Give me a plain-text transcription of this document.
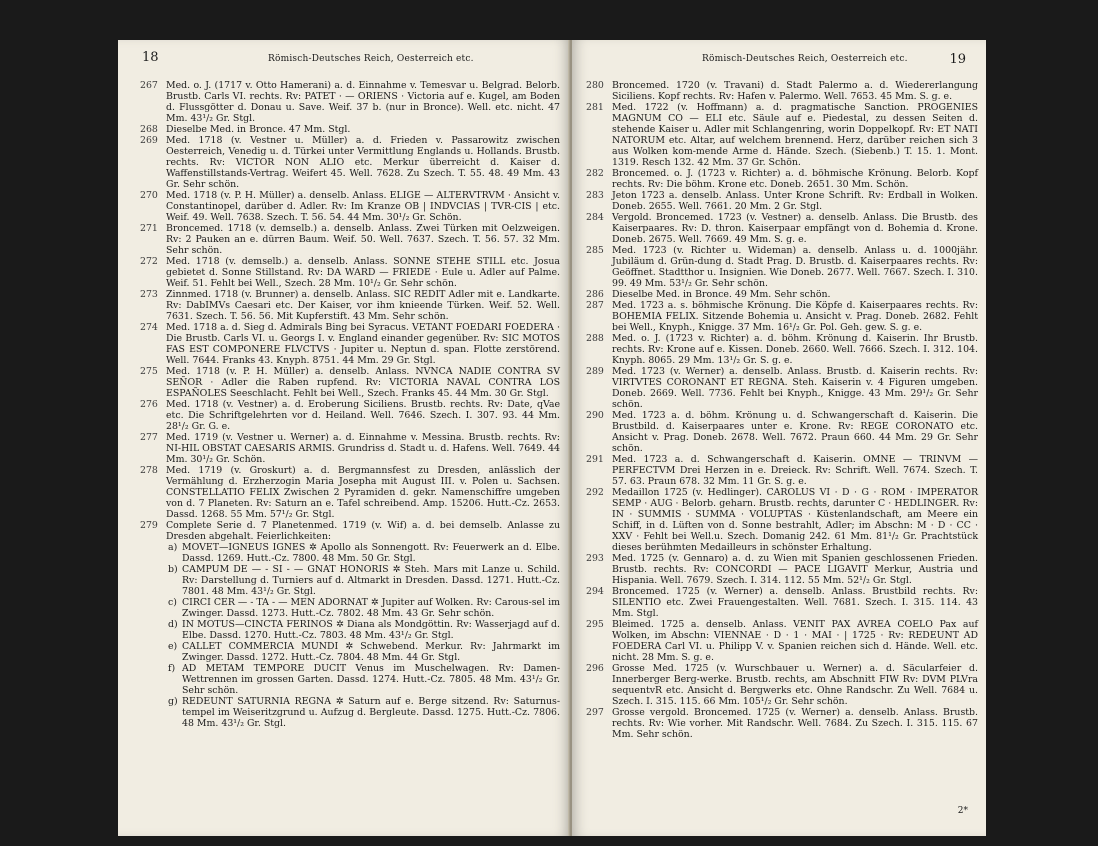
18	Römisch-Deutsches Reich, Oesterreich etc.
267 Med. o. J. (1717 v. Otto Hamerani) a. d. Einnahme v. Temesvar u. Belgrad. Belorb. Brustb. Carls VI. rechts. Rv: PATET · — ORIENS · Victoria auf e. Kugel, am Boden d. Flussgötter d. Donau u. Save. Weif. 37 b. (nur in Bronce). Well. etc. nicht. 47 Mm. 43¹/₂ Gr. Stgl.
268 Dieselbe Med. in Bronce. 47 Mm. Stgl.
269 Med. 1718 (v. Vestner u. Müller) a. d. Frieden v. Passarowitz zwischen Oesterreich, Venedig u. d. Türkei unter Vermittlung Englands u. Hollands. Brustb. rechts. Rv: VICTOR NON ALIO etc. Merkur überreicht d. Kaiser d. Waffenstillstands-Vertrag. Weifert 45. Well. 7628. Zu Szech. T. 55. 48. 49 Mm. 43 Gr. Sehr schön.
270 Med. 1718 (v. P. H. Müller) a. denselb. Anlass. ELIGE — ALTERVTRVM · Ansicht v. Constantinopel, darüber d. Adler. Rv: Im Kranze OB | INDVCIAS | TVR-CIS | etc. Weif. 49. Well. 7638. Szech. T. 56. 54. 44 Mm. 30¹/₂ Gr. Schön.
271 Broncemed. 1718 (v. demselb.) a. denselb. Anlass. Zwei Türken mit Oelzweigen. Rv: 2 Pauken an e. dürren Baum. Weif. 50. Well. 7637. Szech. T. 56. 57. 32 Mm. Sehr schön.
272 Med. 1718 (v. demselb.) a. denselb. Anlass. SONNE STEHE STILL etc. Josua gebietet d. Sonne Stillstand. Rv: DA WARD — FRIEDE · Eule u. Adler auf Palme. Weif. 51. Fehlt bei Well., Szech. 28 Mm. 10¹/₂ Gr. Sehr schön.
273 Zinnmed. 1718 (v. Brunner) a. denselb. Anlass. SIC REDIT Adler mit e. Landkarte. Rv: DabIMVs Caesari etc. Der Kaiser, vor ihm knieende Türken. Weif. 52. Well. 7631. Szech. T. 56. 56. Mit Kupferstift. 43 Mm. Sehr schön.
274 Med. 1718 a. d. Sieg d. Admirals Bing bei Syracus. VETANT FOEDARI FOEDERA · Die Brustb. Carls VI. u. Georgs I. v. England einander gegenüber. Rv: SIC MOTOS FAS EST COMPONERE FLVCTVS · Jupiter u. Neptun d. span. Flotte zerstörend. Well. 7644. Franks 43. Knyph. 8751. 44 Mm. 29 Gr. Stgl.
275 Med. 1718 (v. P. H. Müller) a. denselb. Anlass. NVNCA NADIE CONTRA SV SEÑOR · Adler die Raben rupfend. Rv: VICTORIA NAVAL CONTRA LOS ESPAÑOLES Seeschlacht. Fehlt bei Well., Szech. Franks 45. 44 Mm. 30 Gr. Stgl.
276 Med. 1718 (v. Vestner) a. d. Eroberung Siciliens. Brustb. rechts. Rv: Date, qVae etc. Die Schriftgelehrten vor d. Heiland. Well. 7646. Szech. I. 307. 93. 44 Mm. 28¹/₂ Gr. G. e.
277 Med. 1719 (v. Vestner u. Werner) a. d. Einnahme v. Messina. Brustb. rechts. Rv: NI-HIL OBSTAT CAESARIS ARMIS. Grundriss d. Stadt u. d. Hafens. Well. 7649. 44 Mm. 30¹/₂ Gr. Schön.
278 Med. 1719 (v. Groskurt) a. d. Bergmannsfest zu Dresden, anlässlich der Vermählung d. Erzherzogin Maria Josepha mit August III. v. Polen u. Sachsen. CONSTELLATIO FELIX Zwischen 2 Pyramiden d. gekr. Namenschiffre umgeben von d. 7 Planeten. Rv: Saturn an e. Tafel schreibend. Amp. 15206. Hutt.-Cz. 2653. Dassd. 1268. 55 Mm. 57¹/₂ Gr. Stgl.
279 Complete Serie d. 7 Planetenmed. 1719 (v. Wif) a. d. bei demselb. Anlasse zu Dresden abgehalt. Feierlichkeiten:
a) MOVET—IGNEUS IGNES ✲ Apollo als Sonnengott. Rv: Feuerwerk an d. Elbe. Dassd. 1269. Hutt.-Cz. 7800. 48 Mm. 50 Gr. Stgl.
b) CAMPUM DE — - SI - — GNAT HONORIS ✲ Steh. Mars mit Lanze u. Schild. Rv: Darstellung d. Turniers auf d. Altmarkt in Dresden. Dassd. 1271. Hutt.-Cz. 7801. 48 Mm. 43¹/₂ Gr. Stgl.
c) CIRCI CER — - TA - — MEN ADORNAT ✲ Jupiter auf Wolken. Rv: Carous-sel im Zwinger. Dassd. 1273. Hutt.-Cz. 7802. 48 Mm. 43 Gr. Sehr schön.
d) IN MOTUS—CINCTA FERINOS ✲ Diana als Mondgöttin. Rv: Wasserjagd auf d. Elbe. Dassd. 1270. Hutt.-Cz. 7803. 48 Mm. 43¹/₂ Gr. Stgl.
e) CALLET COMMERCIA MUNDI ✲ Schwebend. Merkur. Rv: Jahrmarkt im Zwinger. Dassd. 1272. Hutt.-Cz. 7804. 48 Mm. 44 Gr. Stgl.
f) AD METAM TEMPORE DUCIT Venus im Muschelwagen. Rv: Damen-Wettrennen im grossen Garten. Dassd. 1274. Hutt.-Cz. 7805. 48 Mm. 43¹/₂ Gr. Sehr schön.
g) REDEUNT SATURNIA REGNA ✲ Saturn auf e. Berge sitzend. Rv: Saturnus-tempel im Weiseritzgrund u. Aufzug d. Bergleute. Dassd. 1275. Hutt.-Cz. 7806. 48 Mm. 43¹/₂ Gr. Stgl.
Römisch-Deutsches Reich, Oesterreich etc.	19
280 Broncemed. 1720 (v. Travani) d. Stadt Palermo a. d. Wiedererlangung Siciliens. Kopf rechts. Rv: Hafen v. Palermo. Well. 7653. 45 Mm. S. g. e.
281 Med. 1722 (v. Hoffmann) a. d. pragmatische Sanction. PROGENIES MAGNUM CO — ELI etc. Säule auf e. Piedestal, zu dessen Seiten d. stehende Kaiser u. Adler mit Schlangenring, worin Doppelkopf. Rv: ET NATI NATORUM etc. Altar, auf welchem brennend. Herz, darüber reichen sich 3 aus Wolken kom-mende Arme d. Hände. Szech. (Siebenb.) T. 15. 1. Mont. 1319. Resch 132. 42 Mm. 37 Gr. Schön.
282 Broncemed. o. J. (1723 v. Richter) a. d. böhmische Krönung. Belorb. Kopf rechts. Rv: Die böhm. Krone etc. Doneb. 2651. 30 Mm. Schön.
283 Jeton 1723 a. denselb. Anlass. Unter Krone Schrift. Rv: Erdball in Wolken. Doneb. 2655. Well. 7661. 20 Mm. 2 Gr. Stgl.
284 Vergold. Broncemed. 1723 (v. Vestner) a. denselb. Anlass. Die Brustb. des Kaiserpaares. Rv: D. thron. Kaiserpaar empfängt von d. Bohemia d. Krone. Doneb. 2675. Well. 7669. 49 Mm. S. g. e.
285 Med. 1723 (v. Richter u. Wideman) a. denselb. Anlass u. d. 1000jähr. Jubiläum d. Grün-dung d. Stadt Prag. D. Brustb. d. Kaiserpaares rechts. Rv: Geöffnet. Stadtthor u. Insignien. Wie Doneb. 2677. Well. 7667. Szech. I. 310. 99. 49 Mm. 53¹/₂ Gr. Sehr schön.
286 Dieselbe Med. in Bronce. 49 Mm. Sehr schön.
287 Med. 1723 a. s. böhmische Krönung. Die Köpfe d. Kaiserpaares rechts. Rv: BOHEMIA FELIX. Sitzende Bohemia u. Ansicht v. Prag. Doneb. 2682. Fehlt bei Well., Knyph., Knigge. 37 Mm. 16¹/₂ Gr. Pol. Geh. gew. S. g. e.
288 Med. o. J. (1723 v. Richter) a. d. böhm. Krönung d. Kaiserin. Ihr Brustb. rechts. Rv: Krone auf e. Kissen. Doneb. 2660. Well. 7666. Szech. I. 312. 104. Knyph. 8065. 29 Mm. 13¹/₂ Gr. S. g. e.
289 Med. 1723 (v. Werner) a. denselb. Anlass. Brustb. d. Kaiserin rechts. Rv: VIRTVTES CORONANT ET REGNA. Steh. Kaiserin v. 4 Figuren umgeben. Doneb. 2669. Well. 7736. Fehlt bei Knyph., Knigge. 43 Mm. 29¹/₂ Gr. Sehr schön.
290 Med. 1723 a. d. böhm. Krönung u. d. Schwangerschaft d. Kaiserin. Die Brustbild. d. Kaiserpaares unter e. Krone. Rv: REGE CORONATO etc. Ansicht v. Prag. Doneb. 2678. Well. 7672. Praun 660. 44 Mm. 29 Gr. Sehr schön.
291 Med. 1723 a. d. Schwangerschaft d. Kaiserin. OMNE — TRINVM — PERFECTVM Drei Herzen in e. Dreieck. Rv: Schrift. Well. 7674. Szech. T. 57. 63. Praun 678. 32 Mm. 11 Gr. S. g. e.
292 Medaillon 1725 (v. Hedlinger). CAROLUS VI · D · G · ROM · IMPERATOR SEMP · AUG · Belorb. geharn. Brustb. rechts, darunter C · HEDLINGER. Rv: IN · SUMMIS · SUMMA · VOLUPTAS · Küstenlandschaft, am Meere ein Schiff, in d. Lüften von d. Sonne bestrahlt, Adler; im Abschn: M · D · CC · XXV · Fehlt bei Well.u. Szech. Domanig 242. 61 Mm. 81¹/₂ Gr. Prachtstück dieses berühmten Medailleurs in schönster Erhaltung.
293 Med. 1725 (v. Gennaro) a. d. zu Wien mit Spanien geschlossenen Frieden. Brustb. rechts. Rv: CONCORDI — PACE LIGAVIT Merkur, Austria und Hispania. Well. 7679. Szech. I. 314. 112. 55 Mm. 52¹/₂ Gr. Stgl.
294 Broncemed. 1725 (v. Werner) a. denselb. Anlass. Brustbild rechts. Rv: SILENTIO etc. Zwei Frauengestalten. Well. 7681. Szech. I. 315. 114. 43 Mm. Stgl.
295 Bleimed. 1725 a. denselb. Anlass. VENIT PAX AVREA COELO Pax auf Wolken, im Abschn: VIENNAE · D · 1 · MAI · | 1725 · Rv: REDEUNT AD FOEDERA Carl VI. u. Philipp V. v. Spanien reichen sich d. Hände. Well. etc. nicht. 28 Mm. S. g. e.
296 Grosse Med. 1725 (v. Wurschbauer u. Werner) a. d. Säcularfeier d. Innerberger Berg-werke. Brustb. rechts, am Abschnitt FIW Rv: DVM PLVra sequentvR etc. Ansicht d. Bergwerks etc. Ohne Randschr. Zu Well. 7684 u. Szech. I. 315. 115. 66 Mm. 105¹/₂ Gr. Sehr schön.
297 Grosse vergold. Broncemed. 1725 (v. Werner) a. denselb. Anlass. Brustb. rechts. Rv: Wie vorher. Mit Randschr. Well. 7684. Zu Szech. I. 315. 115. 67 Mm. Sehr schön.
2*
